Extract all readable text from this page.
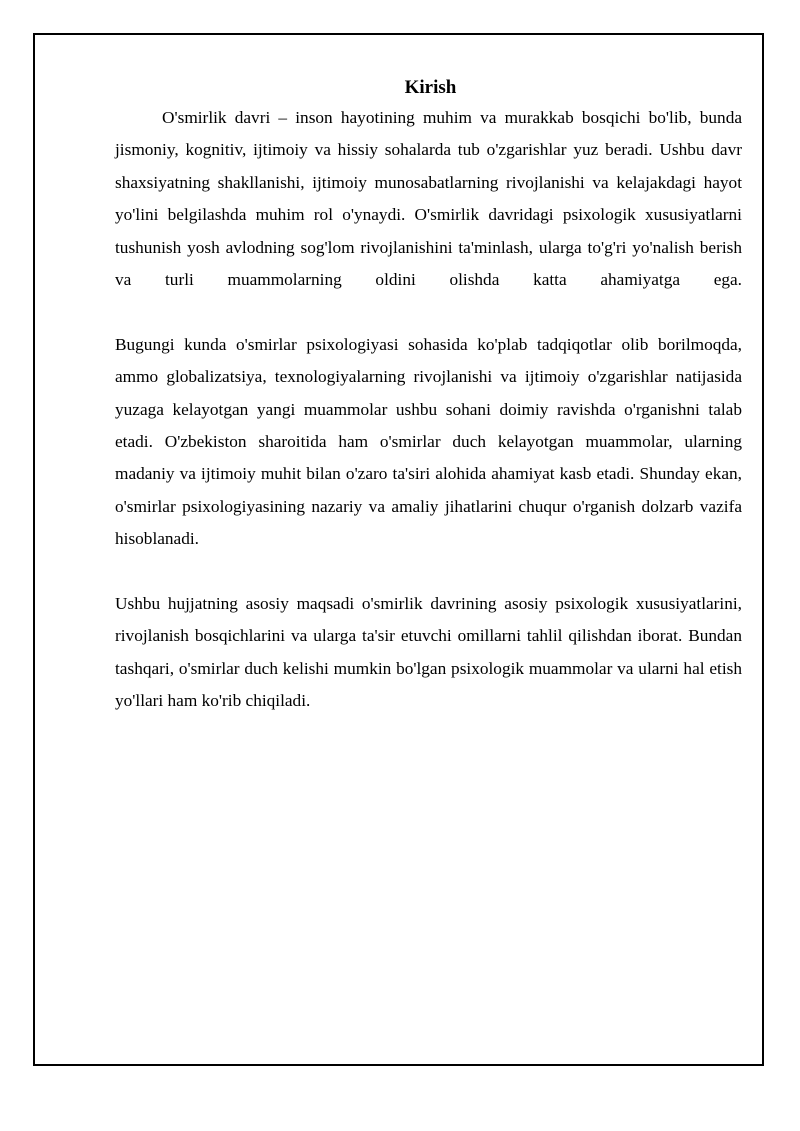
Kirish

O'smirlik davri – inson hayotining muhim va murakkab bosqichi bo'lib, bunda jismoniy, kognitiv, ijtimoiy va hissiy sohalarda tub o'zgarishlar yuz beradi. Ushbu davr shaxsiyatning shakllanishi, ijtimoiy munosabatlarning rivojlanishi va kelajakdagi hayot yo'lini belgilashda muhim rol o'ynaydi. O'smirlik davridagi psixologik xususiyatlarni tushunish yosh avlodning sog'lom rivojlanishini ta'minlash, ularga to'g'ri yo'nalish berish va turli muammolarning oldini olishda katta ahamiyatga ega.

Bugungi kunda o'smirlar psixologiyasi sohasida ko'plab tadqiqotlar olib borilmoqda, ammo globalizatsiya, texnologiyalarning rivojlanishi va ijtimoiy o'zgarishlar natijasida yuzaga kelayotgan yangi muammolar ushbu sohani doimiy ravishda o'rganishni talab etadi. O'zbekiston sharoitida ham o'smirlar duch kelayotgan muammolar, ularning madaniy va ijtimoiy muhit bilan o'zaro ta'siri alohida ahamiyat kasb etadi. Shunday ekan, o'smirlar psixologiyasining nazariy va amaliy jihatlarini chuqur o'rganish dolzarb vazifa hisoblanadi.

Ushbu hujjatning asosiy maqsadi o'smirlik davrining asosiy psixologik xususiyatlarini, rivojlanish bosqichlarini va ularga ta'sir etuvchi omillarni tahlil qilishdan iborat. Bundan tashqari, o'smirlar duch kelishi mumkin bo'lgan psixologik muammolar va ularni hal etish yo'llari ham ko'rib chiqiladi.
